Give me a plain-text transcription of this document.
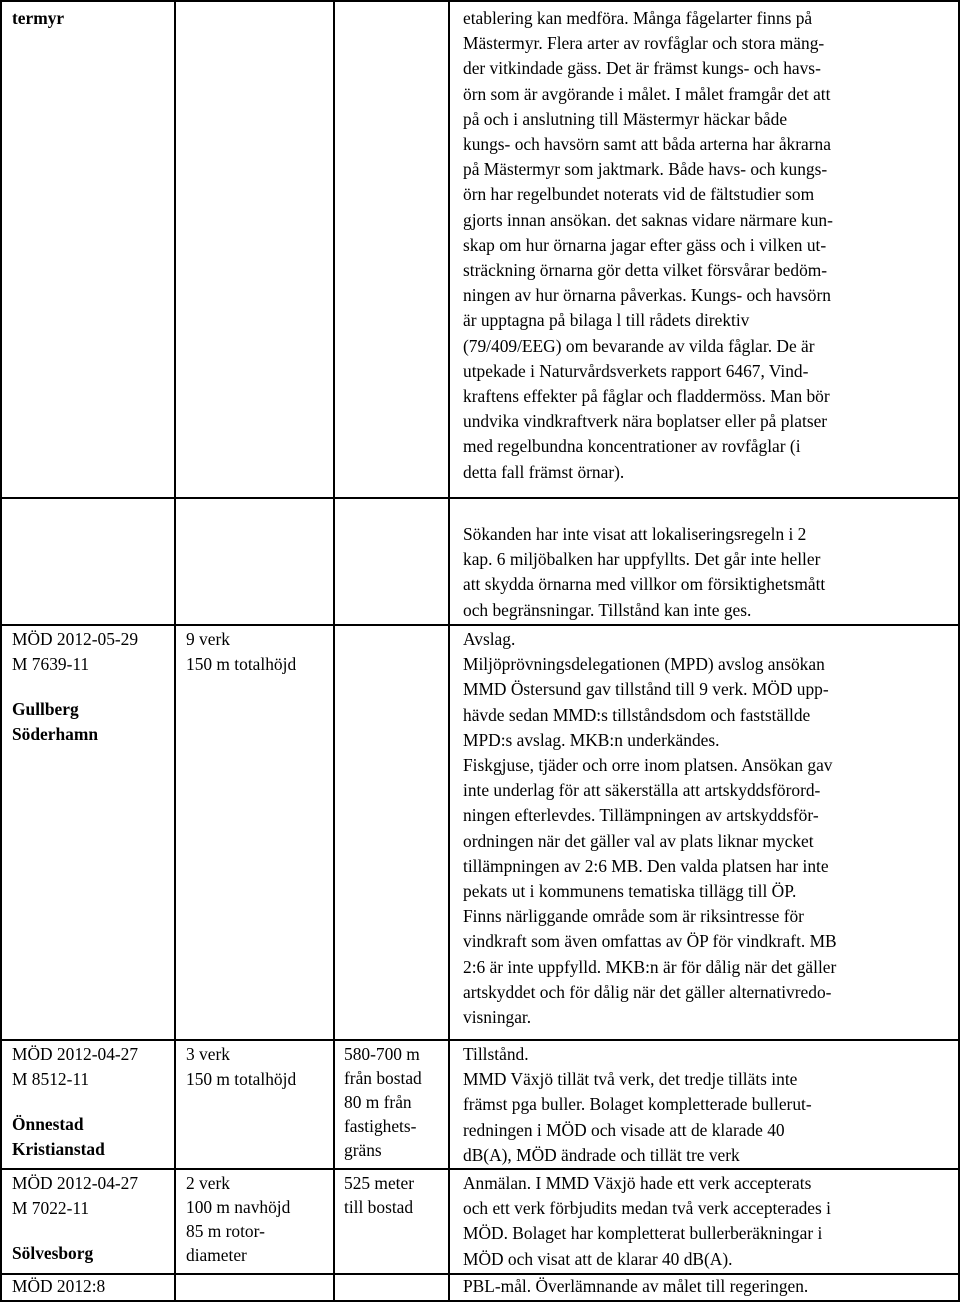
termyr	etablering kan medföra. Många fågelarter finns på
Mästermyr. Flera arter av rovfåglar och stora mäng-
der vitkindade gäss. Det är främst kungs- och havs-
örn som är avgörande i målet. I målet framgår det att
på och i anslutning till Mästermyr häckar både
kungs- och havsörn samt att båda arterna har åkrarna
på Mästermyr som jaktmark. Både havs- och kungs-
örn har regelbundet noterats vid de fältstudier som
gjorts innan ansökan. det saknas vidare närmare kun-
skap om hur örnarna jagar efter gäss och i vilken ut-
sträckning örnarna gör detta vilket försvårar bedöm-
ningen av hur örnarna påverkas. Kungs- och havsörn
är upptagna på bilaga l till rådets direktiv
(79/409/EEG) om bevarande av vilda fåglar. De är
utpekade i Naturvårdsverkets rapport 6467, Vind-
kraftens effekter på fåglar och fladdermöss. Man bör
undvika vindkraftverk nära boplatser eller på platser
med regelbundna koncentrationer av rovfåglar (i
detta fall främst örnar).
Sökanden har inte visat att lokaliseringsregeln i 2
kap. 6 miljöbalken har uppfyllts. Det går inte heller
att skydda örnarna med villkor om försiktighetsmått
och begränsningar. Tillstånd kan inte ges.
MÖD 2012-05-29
M 7639-11
Gullberg
Söderhamn
9 verk
150 m totalhöjd
Avslag.
Miljöprövningsdelegationen (MPD) avslog ansökan
MMD Östersund gav tillstånd till 9 verk. MÖD upp-
hävde sedan MMD:s tillståndsdom och fastställde
MPD:s avslag. MKB:n underkändes.
Fiskgjuse, tjäder och orre inom platsen. Ansökan gav
inte underlag för att säkerställa att artskyddsförord-
ningen efterlevdes. Tillämpningen av artskyddsför-
ordningen när det gäller val av plats liknar mycket
tillämpningen av 2:6 MB. Den valda platsen har inte
pekats ut i kommunens tematiska tillägg till ÖP.
Finns närliggande område som är riksintresse för
vindkraft som även omfattas av ÖP för vindkraft. MB
2:6 är inte uppfylld. MKB:n är för dålig när det gäller
artskyddet och för dålig när det gäller alternativredo-
visningar.
MÖD 2012-04-27
M 8512-11
Önnestad
Kristianstad
3 verk
150 m totalhöjd
580-700 m
från bostad
80 m från
fastighets-
gräns
Tillstånd.
MMD Växjö tillät två verk, det tredje tilläts inte
främst pga buller. Bolaget kompletterade bullerut-
redningen i MÖD och visade att de klarade 40
dB(A), MÖD ändrade och tillät tre verk
MÖD 2012-04-27
M 7022-11
Sölvesborg
2 verk
100 m navhöjd
85 m rotor-
diameter
525 meter
till bostad
Anmälan. I MMD Växjö hade ett verk accepterats
och ett verk förbjudits medan två verk accepterades i
MÖD. Bolaget har kompletterat bullerberäkningar i
MÖD och visat att de klarar 40 dB(A).
MÖD 2012:8	PBL-mål. Överlämnande av målet till regeringen.
